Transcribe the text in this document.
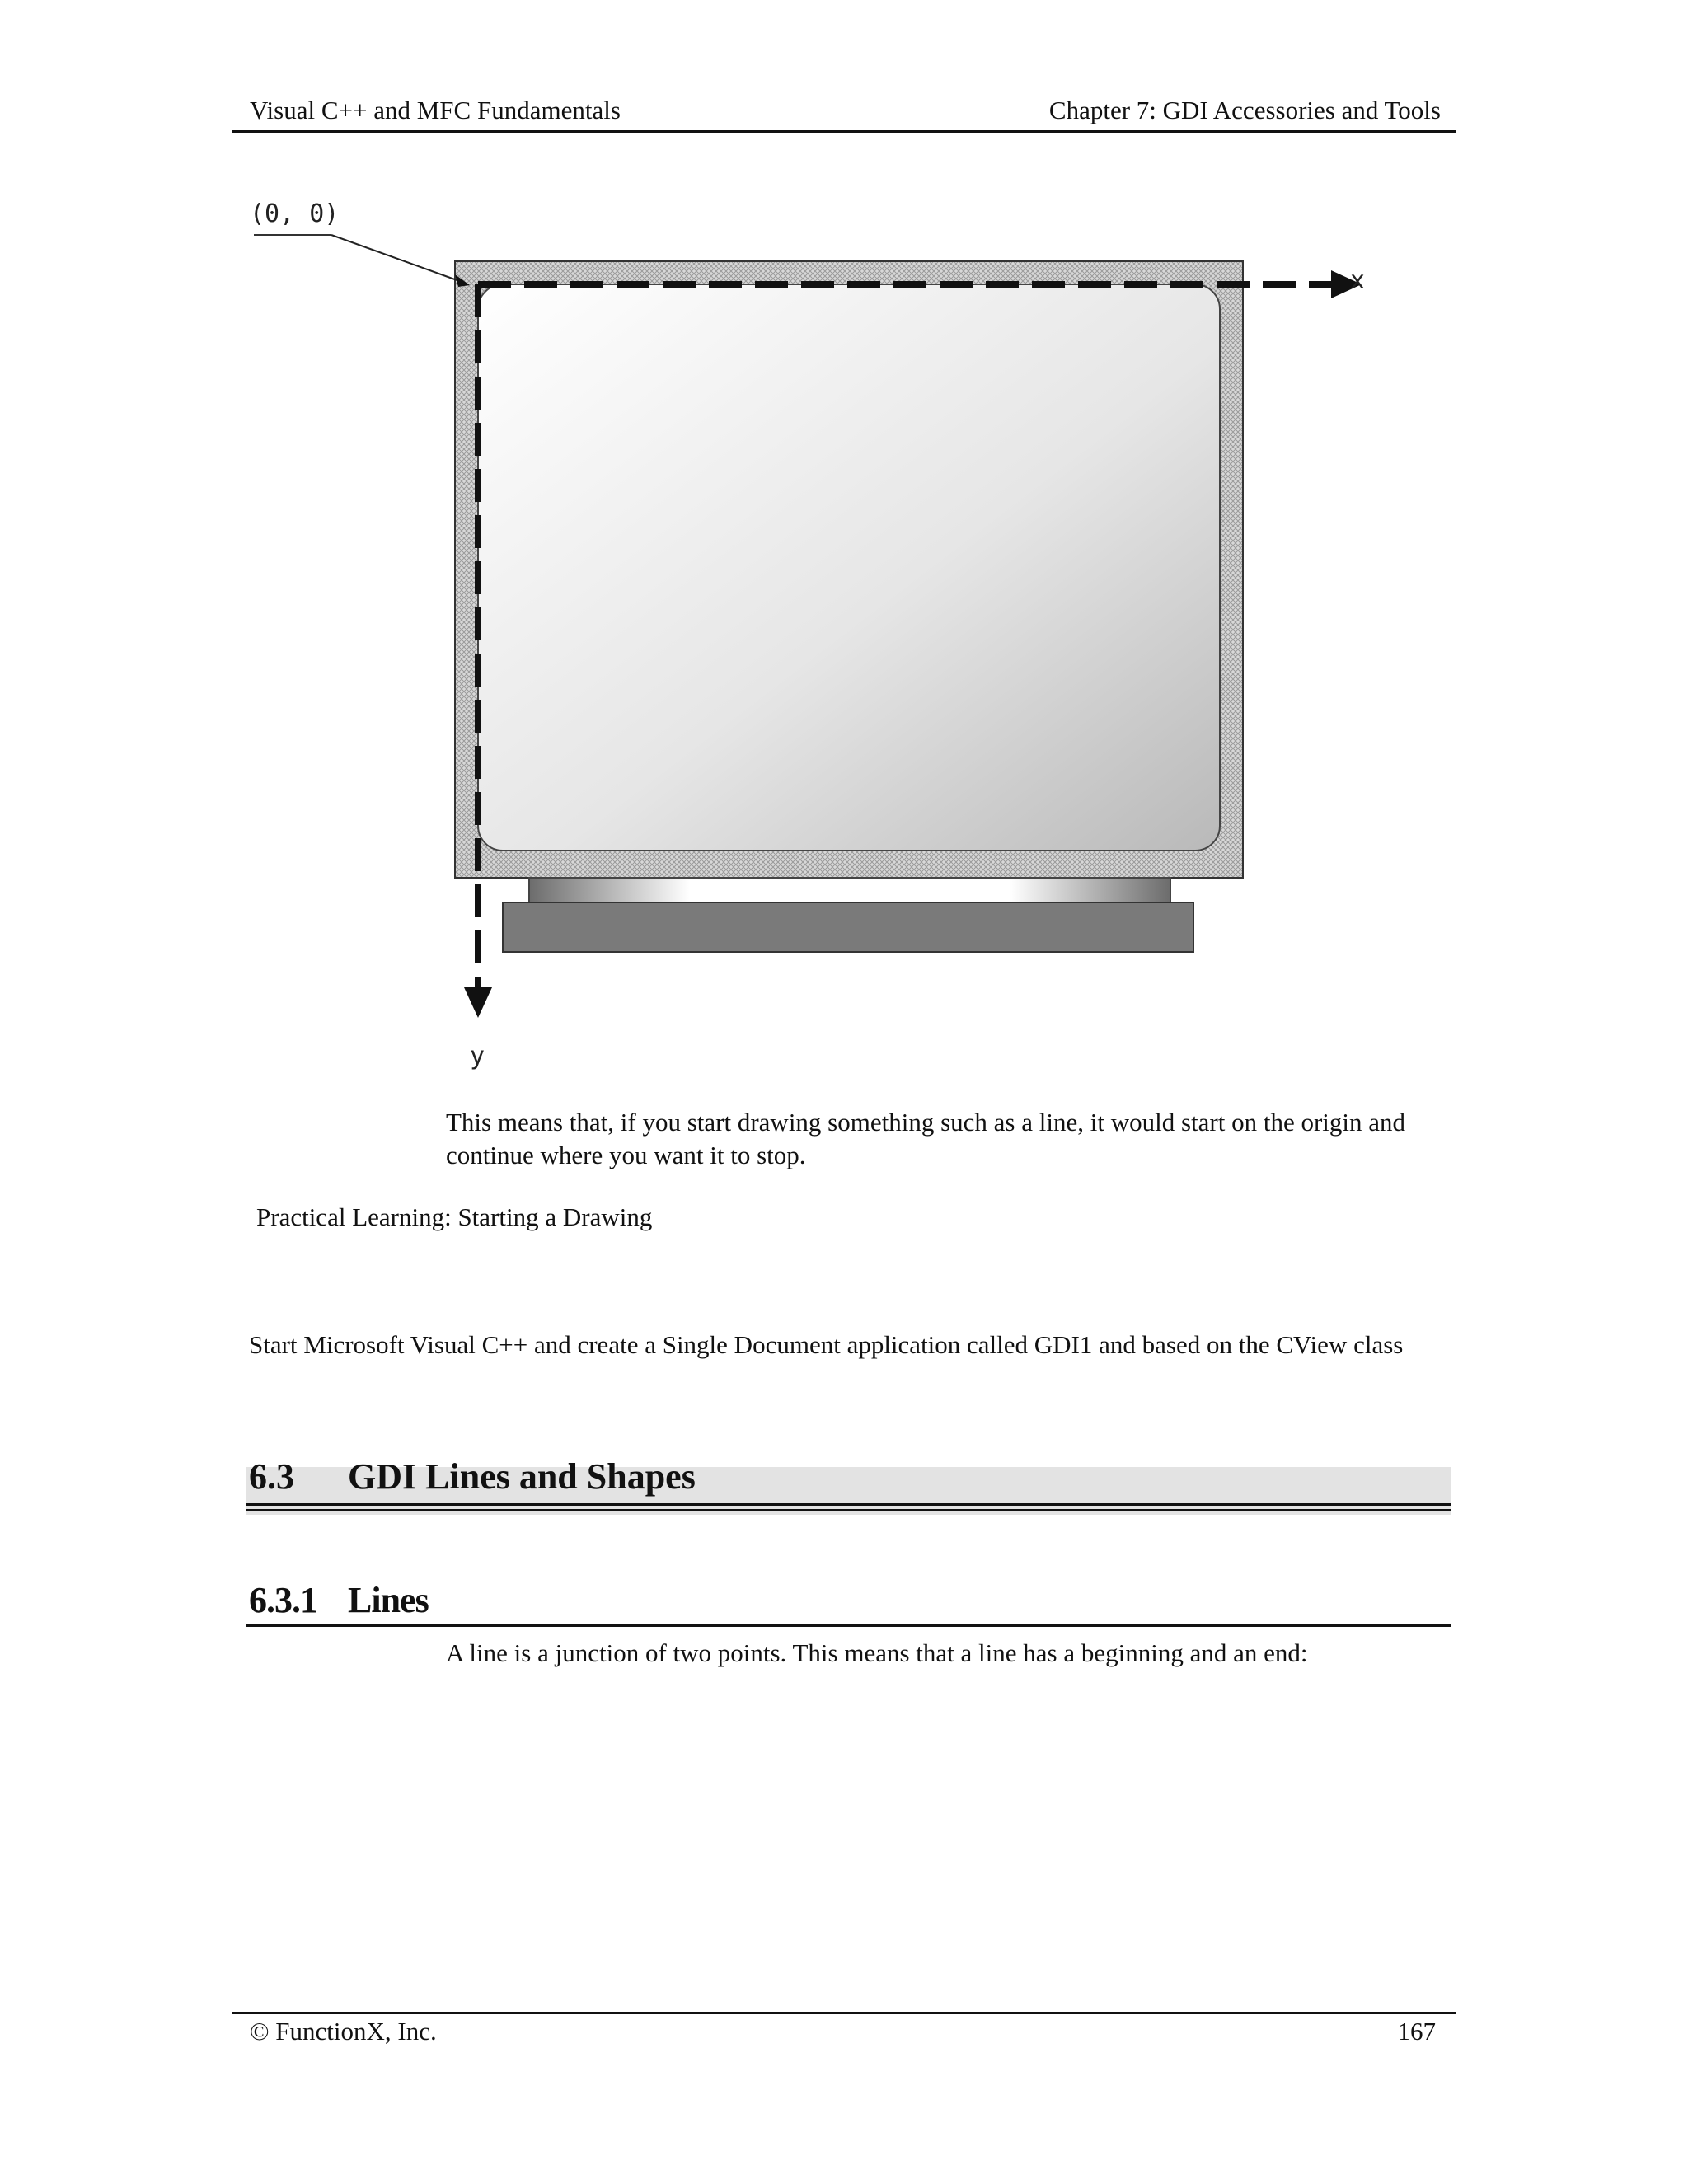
Visual C++ and MFC Fundamentals	Chapter 7: GDI Accessories and Tools
(0, 0)
x
y
This means that, if you start drawing something such as a line, it would start on the origin and continue where you want it to stop.
Practical Learning: Starting a Drawing
Start Microsoft Visual C++ and create a Single Document application called GDI1 and based on the CView class
6.3 GDI Lines and Shapes
6.3.1 Lines
A line is a junction of two points. This means that a line has a beginning and an end:
© FunctionX, Inc.	167
